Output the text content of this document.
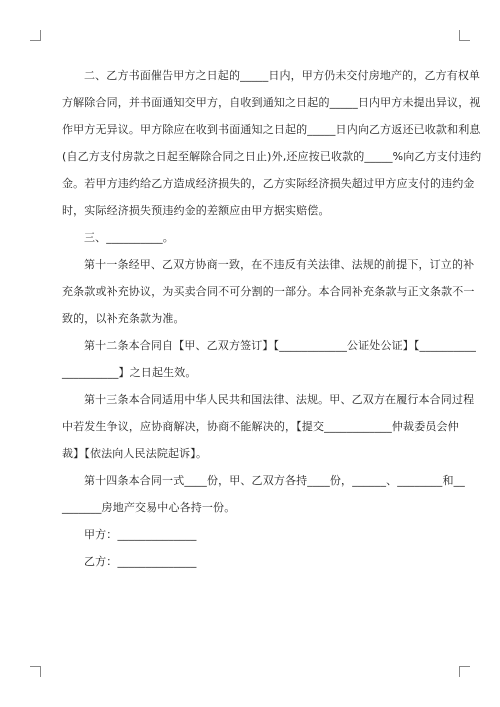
二、乙方书面催告甲方之日起的_____日内，甲方仍未交付房地产的，乙方有权单
方解除合同，并书面通知交甲方，自收到通知之日起的_____日内甲方未提出异议，视
作甲方无异议。甲方除应在收到书面通知之日起的_____日内向乙方返还已收款和利息
(自乙方支付房款之日起至解除合同之日止)外,还应按已收款的_____%向乙方支付违约
金。若甲方违约给乙方造成经济损失的，乙方实际经济损失超过甲方应支付的违约金
时，实际经济损失预违约金的差额应由甲方据实赔偿。
三、__________。
第十一条经甲、乙双方协商一致，在不违反有关法律、法规的前提下，订立的补
充条款或补充协议，为买卖合同不可分割的一部分。本合同补充条款与正文条款不一
致的，以补充条款为准。
第十二条本合同自【甲、乙双方签订】【____________公证处公证】【__________
__________】之日起生效。
第十三条本合同适用中华人民共和国法律、法规。甲、乙双方在履行本合同过程
中若发生争议，应协商解决，协商不能解决的，【提交____________仲裁委员会仲
裁】【依法向人民法院起诉】。
第十四条本合同一式____份，甲、乙双方各持____份，______、________和__
_______房地产交易中心各持一份。
甲方：______________
乙方：______________
